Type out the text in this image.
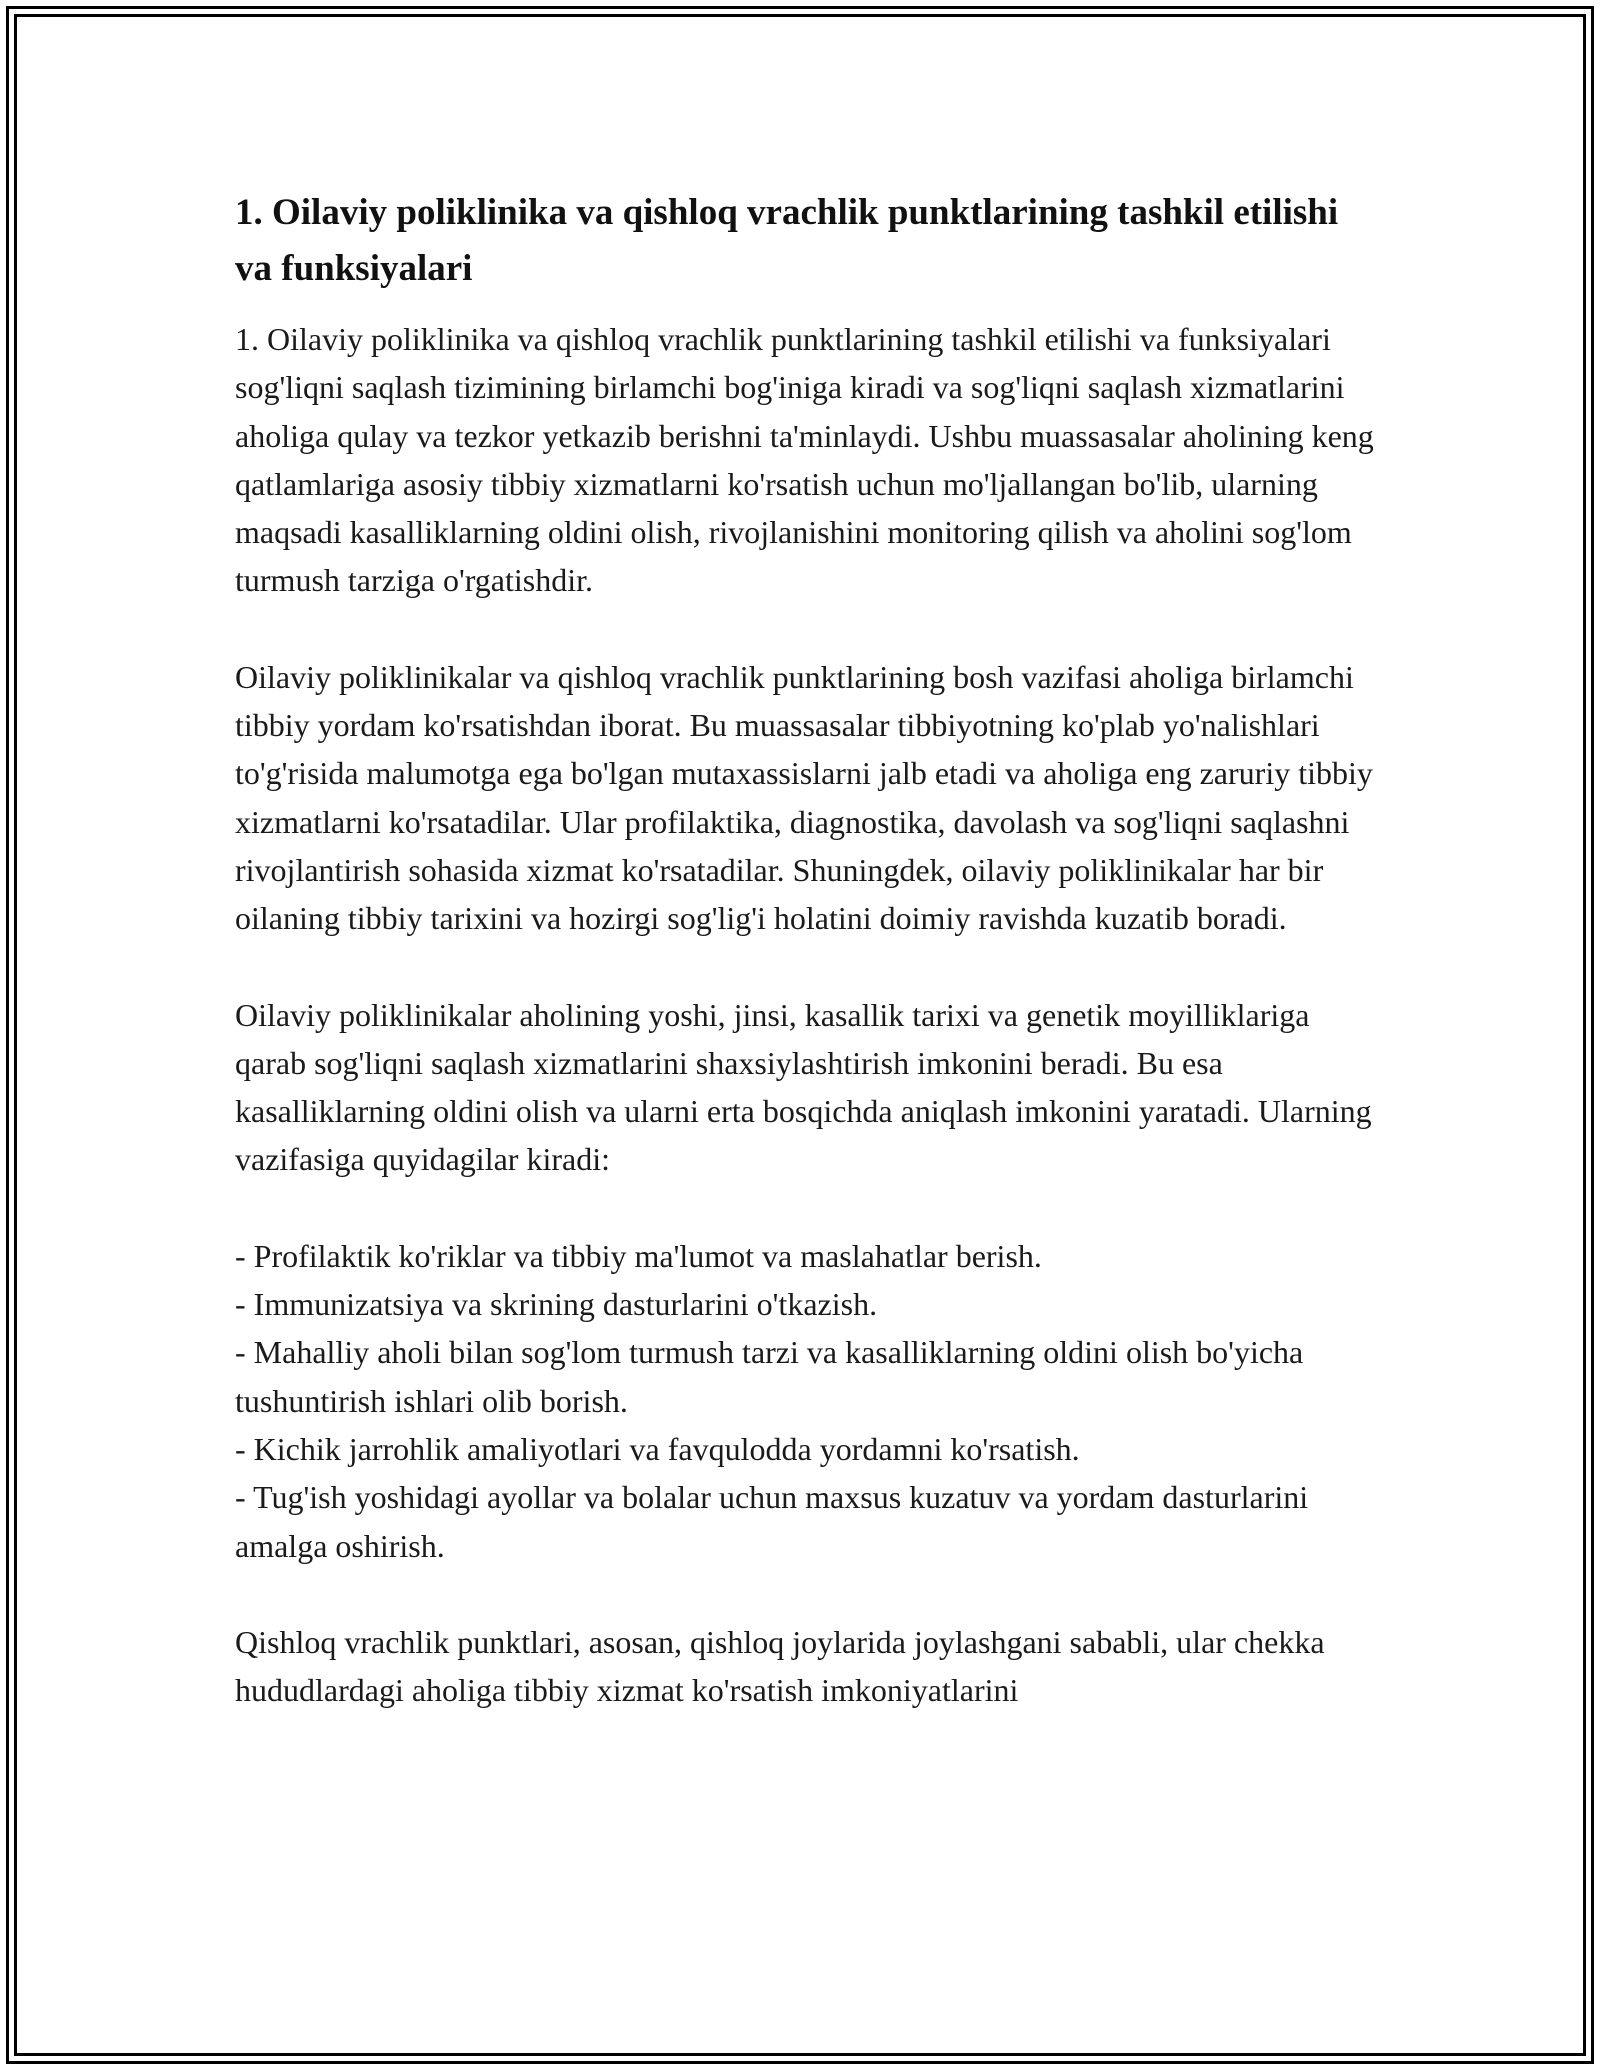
1. Oilaviy poliklinika va qishloq vrachlik punktlarining tashkil etilishi va funksiyalari

1. Oilaviy poliklinika va qishloq vrachlik punktlarining tashkil etilishi va funksiyalari sog'liqni saqlash tizimining birlamchi bog'iniga kiradi va sog'liqni saqlash xizmatlarini aholiga qulay va tezkor yetkazib berishni ta'minlaydi. Ushbu muassasalar aholining keng qatlamlariga asosiy tibbiy xizmatlarni ko'rsatish uchun mo'ljallangan bo'lib, ularning maqsadi kasalliklarning oldini olish, rivojlanishini monitoring qilish va aholini sog'lom turmush tarziga o'rgatishdir.

Oilaviy poliklinikalar va qishloq vrachlik punktlarining bosh vazifasi aholiga birlamchi tibbiy yordam ko'rsatishdan iborat. Bu muassasalar tibbiyotning ko'plab yo'nalishlari to'g'risida malumotga ega bo'lgan mutaxassislarni jalb etadi va aholiga eng zaruriy tibbiy xizmatlarni ko'rsatadilar. Ular profilaktika, diagnostika, davolash va sog'liqni saqlashni rivojlantirish sohasida xizmat ko'rsatadilar. Shuningdek, oilaviy poliklinikalar har bir oilaning tibbiy tarixini va hozirgi sog'lig'i holatini doimiy ravishda kuzatib boradi.

Oilaviy poliklinikalar aholining yoshi, jinsi, kasallik tarixi va genetik moyilliklariga qarab sog'liqni saqlash xizmatlarini shaxsiylashtirish imkonini beradi. Bu esa kasalliklarning oldini olish va ularni erta bosqichda aniqlash imkonini yaratadi. Ularning vazifasiga quyidagilar kiradi:

- Profilaktik ko'riklar va tibbiy ma'lumot va maslahatlar berish.
- Immunizatsiya va skrining dasturlarini o'tkazish.
- Mahalliy aholi bilan sog'lom turmush tarzi va kasalliklarning oldini olish bo'yicha tushuntirish ishlari olib borish.
- Kichik jarrohlik amaliyotlari va favqulodda yordamni ko'rsatish.
- Tug'ish yoshidagi ayollar va bolalar uchun maxsus kuzatuv va yordam dasturlarini amalga oshirish.

Qishloq vrachlik punktlari, asosan, qishloq joylarida joylashgani sababli, ular chekka hududlardagi aholiga tibbiy xizmat ko'rsatish imkoniyatlarini
